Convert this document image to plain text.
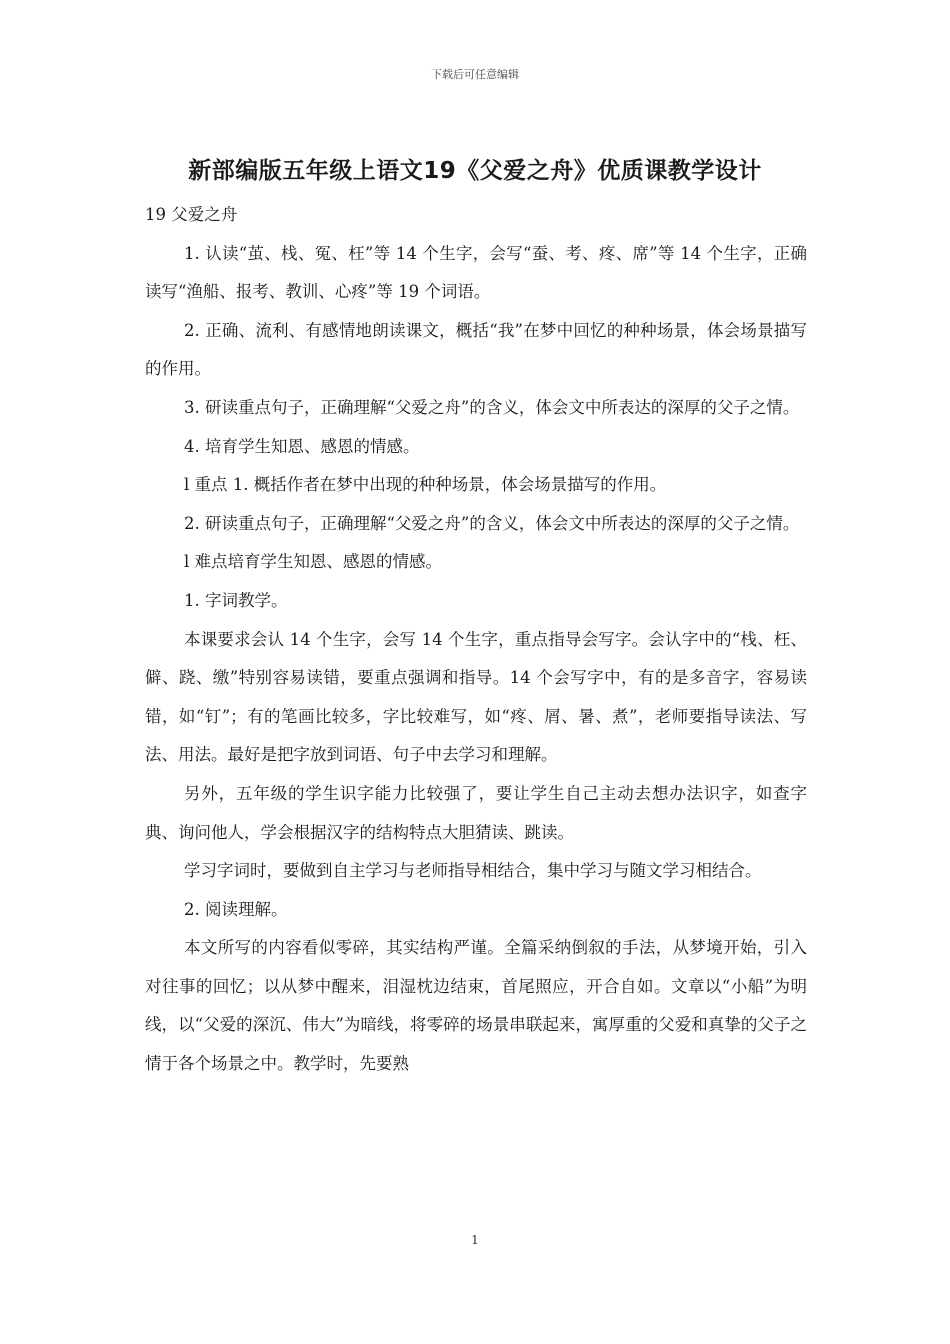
下载后可任意编辑
新部编版五年级上语文19《父爱之舟》优质课教学设计

19 父爱之舟

1. 认读“茧、栈、冤、枉”等 14 个生字，会写“蚕、考、疼、席”等 14 个生字，正确读写“渔船、报考、教训、心疼”等 19 个词语。

2. 正确、流利、有感情地朗读课文，概括“我”在梦中回忆的种种场景，体会场景描写的作用。

3. 研读重点句子，正确理解“父爱之舟”的含义，体会文中所表达的深厚的父子之情。

4. 培育学生知恩、感恩的情感。

l 重点 1. 概括作者在梦中出现的种种场景，体会场景描写的作用。

2. 研读重点句子，正确理解“父爱之舟”的含义，体会文中所表达的深厚的父子之情。

l 难点培育学生知恩、感恩的情感。

1. 字词教学。

本课要求会认 14 个生字，会写 14 个生字，重点指导会写字。会认字中的“栈、枉、僻、跷、缴”特别容易读错，要重点强调和指导。14 个会写字中，有的是多音字，容易读错，如“钉”；有的笔画比较多，字比较难写，如“疼、屑、暑、煮”，老师要指导读法、写法、用法。最好是把字放到词语、句子中去学习和理解。

另外，五年级的学生识字能力比较强了，要让学生自己主动去想办法识字，如查字典、询问他人，学会根据汉字的结构特点大胆猜读、跳读。

学习字词时，要做到自主学习与老师指导相结合，集中学习与随文学习相结合。

2. 阅读理解。

本文所写的内容看似零碎，其实结构严谨。全篇采纳倒叙的手法，从梦境开始，引入对往事的回忆；以从梦中醒来，泪湿枕边结束，首尾照应，开合自如。文章以“小船”为明线，以“父爱的深沉、伟大”为暗线，将零碎的场景串联起来，寓厚重的父爱和真挚的父子之情于各个场景之中。教学时，先要熟

1
